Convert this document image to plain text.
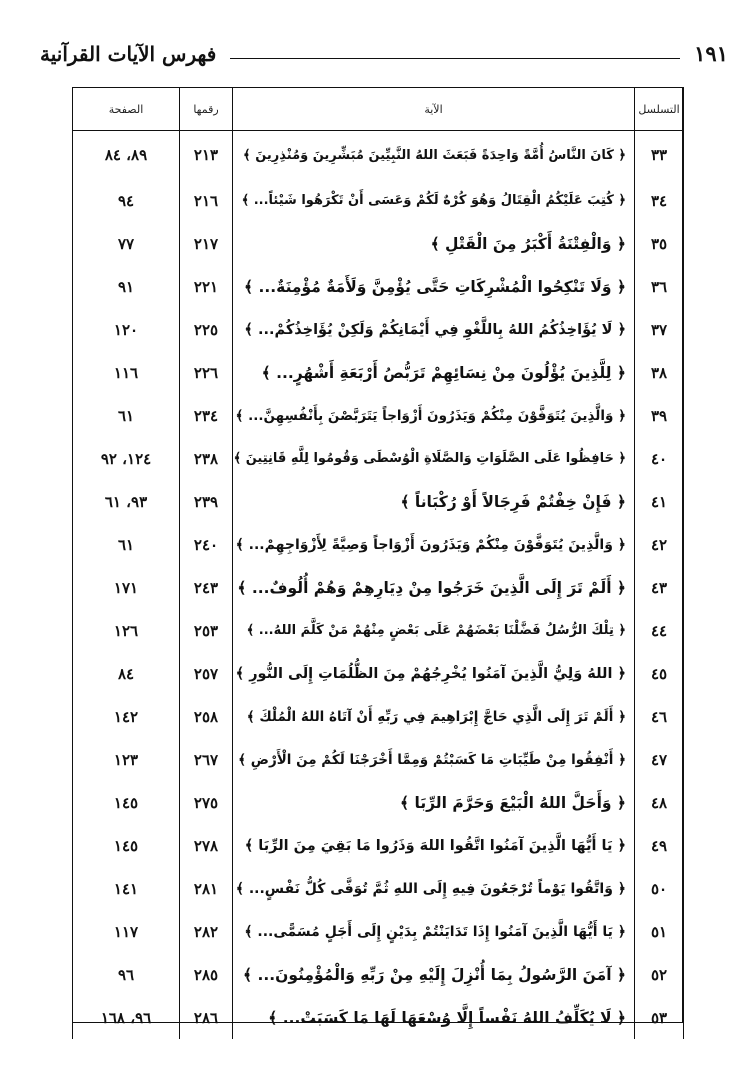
فهرس الآيات القرآنية	١٩١
التسلسل	الآية	رقمها	الصفحة
٣٣	﴿ كَانَ النَّاسُ أُمَّةً وَاحِدَةً فَبَعَثَ اللهُ النَّبِيِّينَ مُبَشِّرِينَ وَمُنْذِرِينَ ﴾	٢١٣	٨٩، ٨٤
٣٤	﴿ كُتِبَ عَلَيْكُمُ الْقِتَالُ وَهُوَ كُرْهٌ لَكُمْ وَعَسَى أَنْ تَكْرَهُوا شَيْئاً... ﴾	٢١٦	٩٤
٣٥	﴿ وَالْفِتْنَةُ أَكْبَرُ مِنَ الْقَتْلِ ﴾	٢١٧	٧٧
٣٦	﴿ وَلَا تَنْكِحُوا الْمُشْرِكَاتِ حَتَّى يُؤْمِنَّ وَلَأَمَةٌ مُؤْمِنَةٌ... ﴾	٢٢١	٩١
٣٧	﴿ لَا يُؤَاخِذُكُمُ اللهُ بِاللَّغْوِ فِي أَيْمَانِكُمْ وَلَكِنْ يُؤَاخِذُكُمْ... ﴾	٢٢٥	١٢٠
٣٨	﴿ لِلَّذِينَ يُؤْلُونَ مِنْ نِسَائِهِمْ تَرَبُّصُ أَرْبَعَةِ أَشْهُرٍ... ﴾	٢٢٦	١١٦
٣٩	﴿ وَالَّذِينَ يُتَوَفَّوْنَ مِنْكُمْ وَيَذَرُونَ أَزْوَاجاً يَتَرَبَّصْنَ بِأَنْفُسِهِنَّ... ﴾	٢٣٤	٦١
٤٠	﴿ حَافِظُوا عَلَى الصَّلَوَاتِ وَالصَّلَاةِ الْوُسْطَى وَقُومُوا لِلَّهِ قَانِتِينَ ﴾	٢٣٨	١٢٤، ٩٢
٤١	﴿ فَإِنْ خِفْتُمْ فَرِجَالاً أَوْ رُكْبَاناً ﴾	٢٣٩	٩٣، ٦١
٤٢	﴿ وَالَّذِينَ يُتَوَفَّوْنَ مِنْكُمْ وَيَذَرُونَ أَزْوَاجاً وَصِيَّةً لِأَزْوَاجِهِمْ... ﴾	٢٤٠	٦١
٤٣	﴿ أَلَمْ تَرَ إِلَى الَّذِينَ خَرَجُوا مِنْ دِيَارِهِمْ وَهُمْ أُلُوفٌ... ﴾	٢٤٣	١٧١
٤٤	﴿ تِلْكَ الرُّسُلُ فَضَّلْنَا بَعْضَهُمْ عَلَى بَعْضٍ مِنْهُمْ مَنْ كَلَّمَ اللهُ... ﴾	٢٥٣	١٢٦
٤٥	﴿ اللهُ وَلِيُّ الَّذِينَ آمَنُوا يُخْرِجُهُمْ مِنَ الظُّلُمَاتِ إِلَى النُّورِ ﴾	٢٥٧	٨٤
٤٦	﴿ أَلَمْ تَرَ إِلَى الَّذِي حَاجَّ إِبْرَاهِيمَ فِي رَبِّهِ أَنْ آتَاهُ اللهُ الْمُلْكَ ﴾	٢٥٨	١٤٢
٤٧	﴿ أَنْفِقُوا مِنْ طَيِّبَاتِ مَا كَسَبْتُمْ وَمِمَّا أَخْرَجْنَا لَكُمْ مِنَ الْأَرْضِ ﴾	٢٦٧	١٢٣
٤٨	﴿ وَأَحَلَّ اللهُ الْبَيْعَ وَحَرَّمَ الرِّبَا ﴾	٢٧٥	١٤٥
٤٩	﴿ يَا أَيُّهَا الَّذِينَ آمَنُوا اتَّقُوا اللهَ وَذَرُوا مَا بَقِيَ مِنَ الرِّبَا ﴾	٢٧٨	١٤٥
٥٠	﴿ وَاتَّقُوا يَوْماً تُرْجَعُونَ فِيهِ إِلَى اللهِ ثُمَّ تُوَفَّى كُلُّ نَفْسٍ... ﴾	٢٨١	١٤١
٥١	﴿ يَا أَيُّهَا الَّذِينَ آمَنُوا إِذَا تَدَايَنْتُمْ بِدَيْنٍ إِلَى أَجَلٍ مُسَمًّى... ﴾	٢٨٢	١١٧
٥٢	﴿ آمَنَ الرَّسُولُ بِمَا أُنْزِلَ إِلَيْهِ مِنْ رَبِّهِ وَالْمُؤْمِنُونَ... ﴾	٢٨٥	٩٦
٥٣	﴿ لَا يُكَلِّفُ اللهُ نَفْساً إِلَّا وُسْعَهَا لَهَا مَا كَسَبَتْ... ﴾	٢٨٦	٩٦، ١٦٨
